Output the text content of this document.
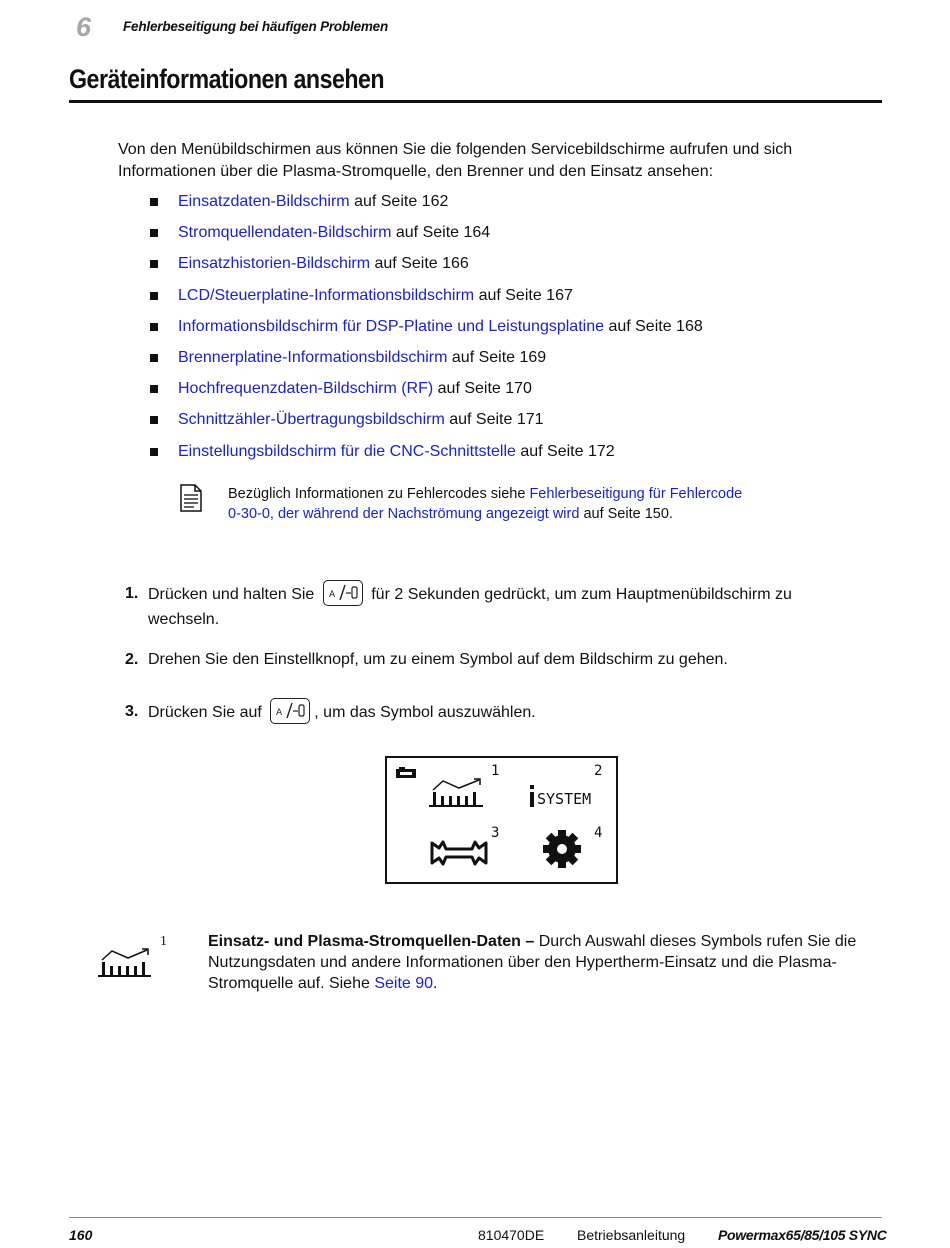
6 Fehlerbeseitigung bei häufigen Problemen
Geräteinformationen ansehen
Von den Menübildschirmen aus können Sie die folgenden Servicebildschirme aufrufen und sich Informationen über die Plasma-Stromquelle, den Brenner und den Einsatz ansehen:
Einsatzdaten-Bildschirm auf Seite 162
Stromquellendaten-Bildschirm auf Seite 164
Einsatzhistorien-Bildschirm auf Seite 166
LCD/Steuerplatine-Informationsbildschirm auf Seite 167
Informationsbildschirm für DSP-Platine und Leistungsplatine auf Seite 168
Brennerplatine-Informationsbildschirm auf Seite 169
Hochfrequenzdaten-Bildschirm (RF) auf Seite 170
Schnittzähler-Übertragungsbildschirm auf Seite 171
Einstellungsbildschirm für die CNC-Schnittstelle auf Seite 172
Bezüglich Informationen zu Fehlercodes siehe Fehlerbeseitigung für Fehlercode 0-30-0, der während der Nachströmung angezeigt wird auf Seite 150.
1. Drücken und halten Sie A für 2 Sekunden gedrückt, um zum Hauptmenübildschirm zu wechseln.
2. Drehen Sie den Einstellknopf, um zu einem Symbol auf dem Bildschirm zu gehen.
3. Drücken Sie auf A , um das Symbol auszuwählen.
1	2
SYSTEM
3	4
1	Einsatz- und Plasma-Stromquellen-Daten – Durch Auswahl dieses Symbols rufen Sie die Nutzungsdaten und andere Informationen über den Hypertherm-Einsatz und die Plasma-Stromquelle auf. Siehe Seite 90.
160	810470DE Betriebsanleitung Powermax65/85/105 SYNC
